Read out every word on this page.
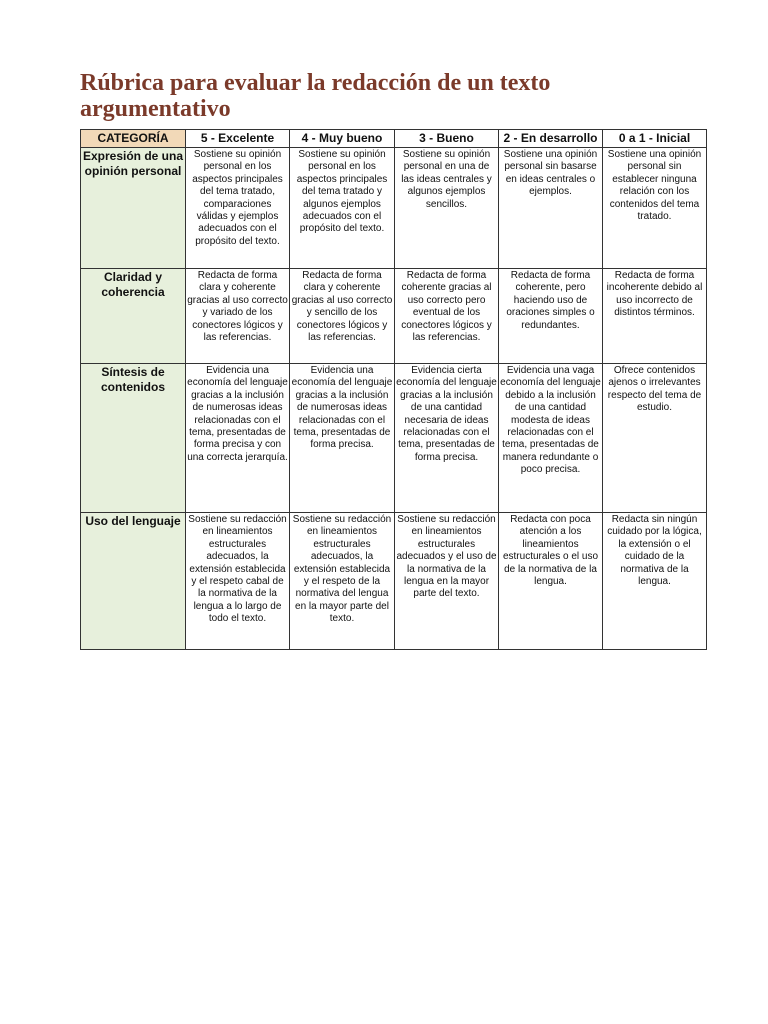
Rúbrica para evaluar la redacción de un texto argumentativo
CATEGORÍA	5 - Excelente	4 - Muy bueno	3 - Bueno	2 - En desarrollo	0 a 1 - Inicial
Expresión de una opinión personal	Sostiene su opinión personal en los aspectos principales del tema tratado, comparaciones válidas y ejemplos adecuados con el propósito del texto.	Sostiene su opinión personal en los aspectos principales del tema tratado y algunos ejemplos adecuados con el propósito del texto.	Sostiene su opinión personal en una de las ideas centrales y algunos ejemplos sencillos.	Sostiene una opinión personal sin basarse en ideas centrales o ejemplos.	Sostiene una opinión personal sin establecer ninguna relación con los contenidos del tema tratado.
Claridad y coherencia	Redacta de forma clara y coherente gracias al uso correcto y variado de los conectores lógicos y las referencias.	Redacta de forma clara y coherente gracias al uso correcto y sencillo de los conectores lógicos y las referencias.	Redacta de forma coherente gracias al uso correcto pero eventual de los conectores lógicos y las referencias.	Redacta de forma coherente, pero haciendo uso de oraciones simples o redundantes.	Redacta de forma incoherente debido al uso incorrecto de distintos términos.
Síntesis de contenidos	Evidencia una economía del lenguaje gracias a la inclusión de numerosas ideas relacionadas con el tema, presentadas de forma precisa y con una correcta jerarquía.	Evidencia una economía del lenguaje gracias a la inclusión de numerosas ideas relacionadas con el tema, presentadas de forma precisa.	Evidencia cierta economía del lenguaje gracias a la inclusión de una cantidad necesaria de ideas relacionadas con el tema, presentadas de forma precisa.	Evidencia una vaga economía del lenguaje debido a la inclusión de una cantidad modesta de ideas relacionadas con el tema, presentadas de manera redundante o poco precisa.	Ofrece contenidos ajenos o irrelevantes respecto del tema de estudio.
Uso del lenguaje	Sostiene su redacción en lineamientos estructurales adecuados, la extensión establecida y el respeto cabal de la normativa de la lengua a lo largo de todo el texto.	Sostiene su redacción en lineamientos estructurales adecuados, la extensión establecida y el respeto de la normativa del lengua en la mayor parte del texto.	Sostiene su redacción en lineamientos estructurales adecuados y el uso de la normativa de la lengua en la mayor parte del texto.	Redacta con poca atención a los lineamientos estructurales o el uso de la normativa de la lengua.	Redacta sin ningún cuidado por la lógica, la extensión o el cuidado de la normativa de la lengua.
